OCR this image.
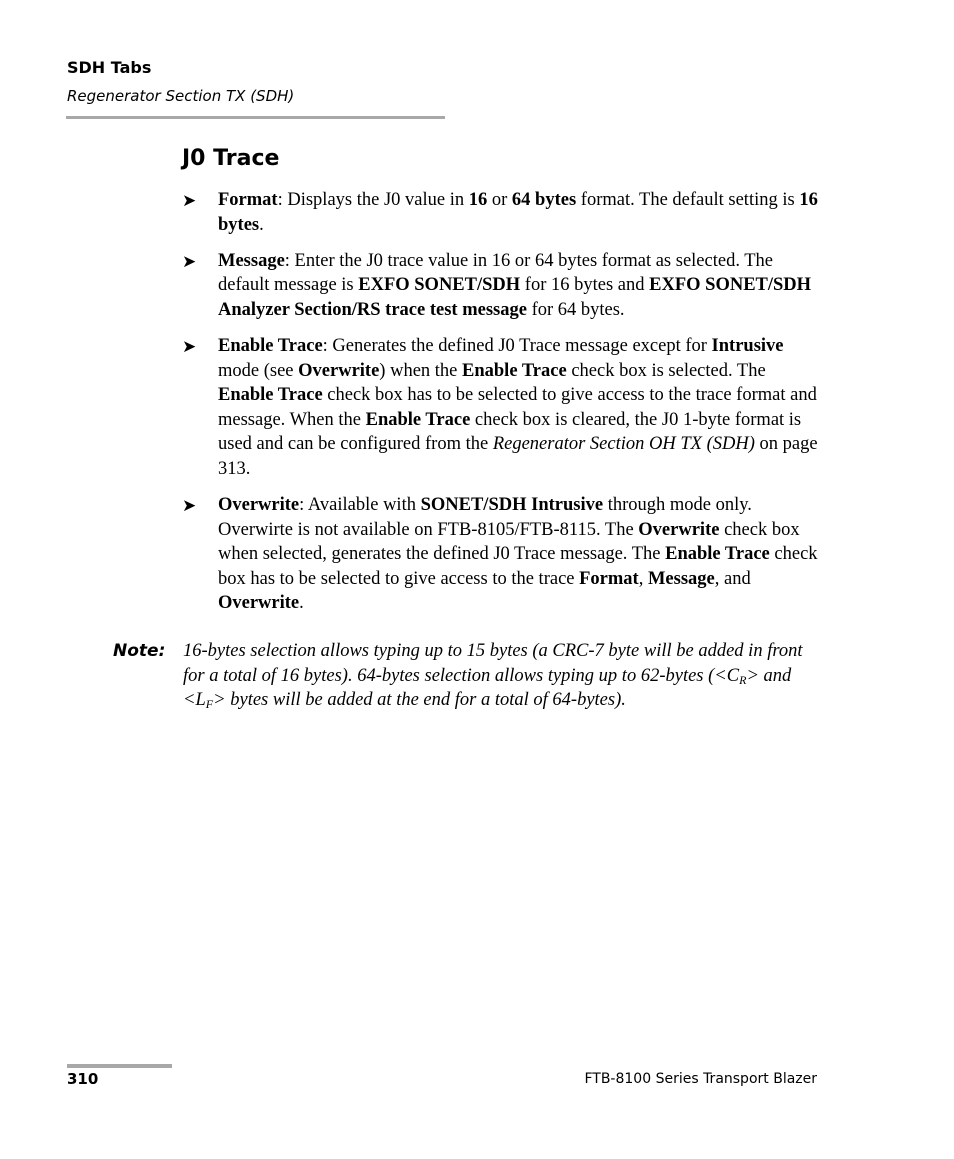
SDH Tabs
Regenerator Section TX (SDH)
J0 Trace
➤ Format: Displays the J0 value in 16 or 64 bytes format. The default setting is 16 bytes.
➤ Message: Enter the J0 trace value in 16 or 64 bytes format as selected. The default message is EXFO SONET/SDH for 16 bytes and EXFO SONET/SDH Analyzer Section/RS trace test message for 64 bytes.
➤ Enable Trace: Generates the defined J0 Trace message except for Intrusive mode (see Overwrite) when the Enable Trace check box is selected. The Enable Trace check box has to be selected to give access to the trace format and message. When the Enable Trace check box is cleared, the J0 1-byte format is used and can be configured from the Regenerator Section OH TX (SDH) on page 313.
➤ Overwrite: Available with SONET/SDH Intrusive through mode only. Overwirte is not available on FTB-8105/FTB-8115. The Overwrite check box when selected, generates the defined J0 Trace message. The Enable Trace check box has to be selected to give access to the trace Format, Message, and Overwrite.
Note: 16-bytes selection allows typing up to 15 bytes (a CRC-7 byte will be added in front for a total of 16 bytes). 64-bytes selection allows typing up to 62-bytes ($<C_R>$ and $<L_F>$ bytes will be added at the end for a total of 64-bytes).
310	FTB-8100 Series Transport Blazer
